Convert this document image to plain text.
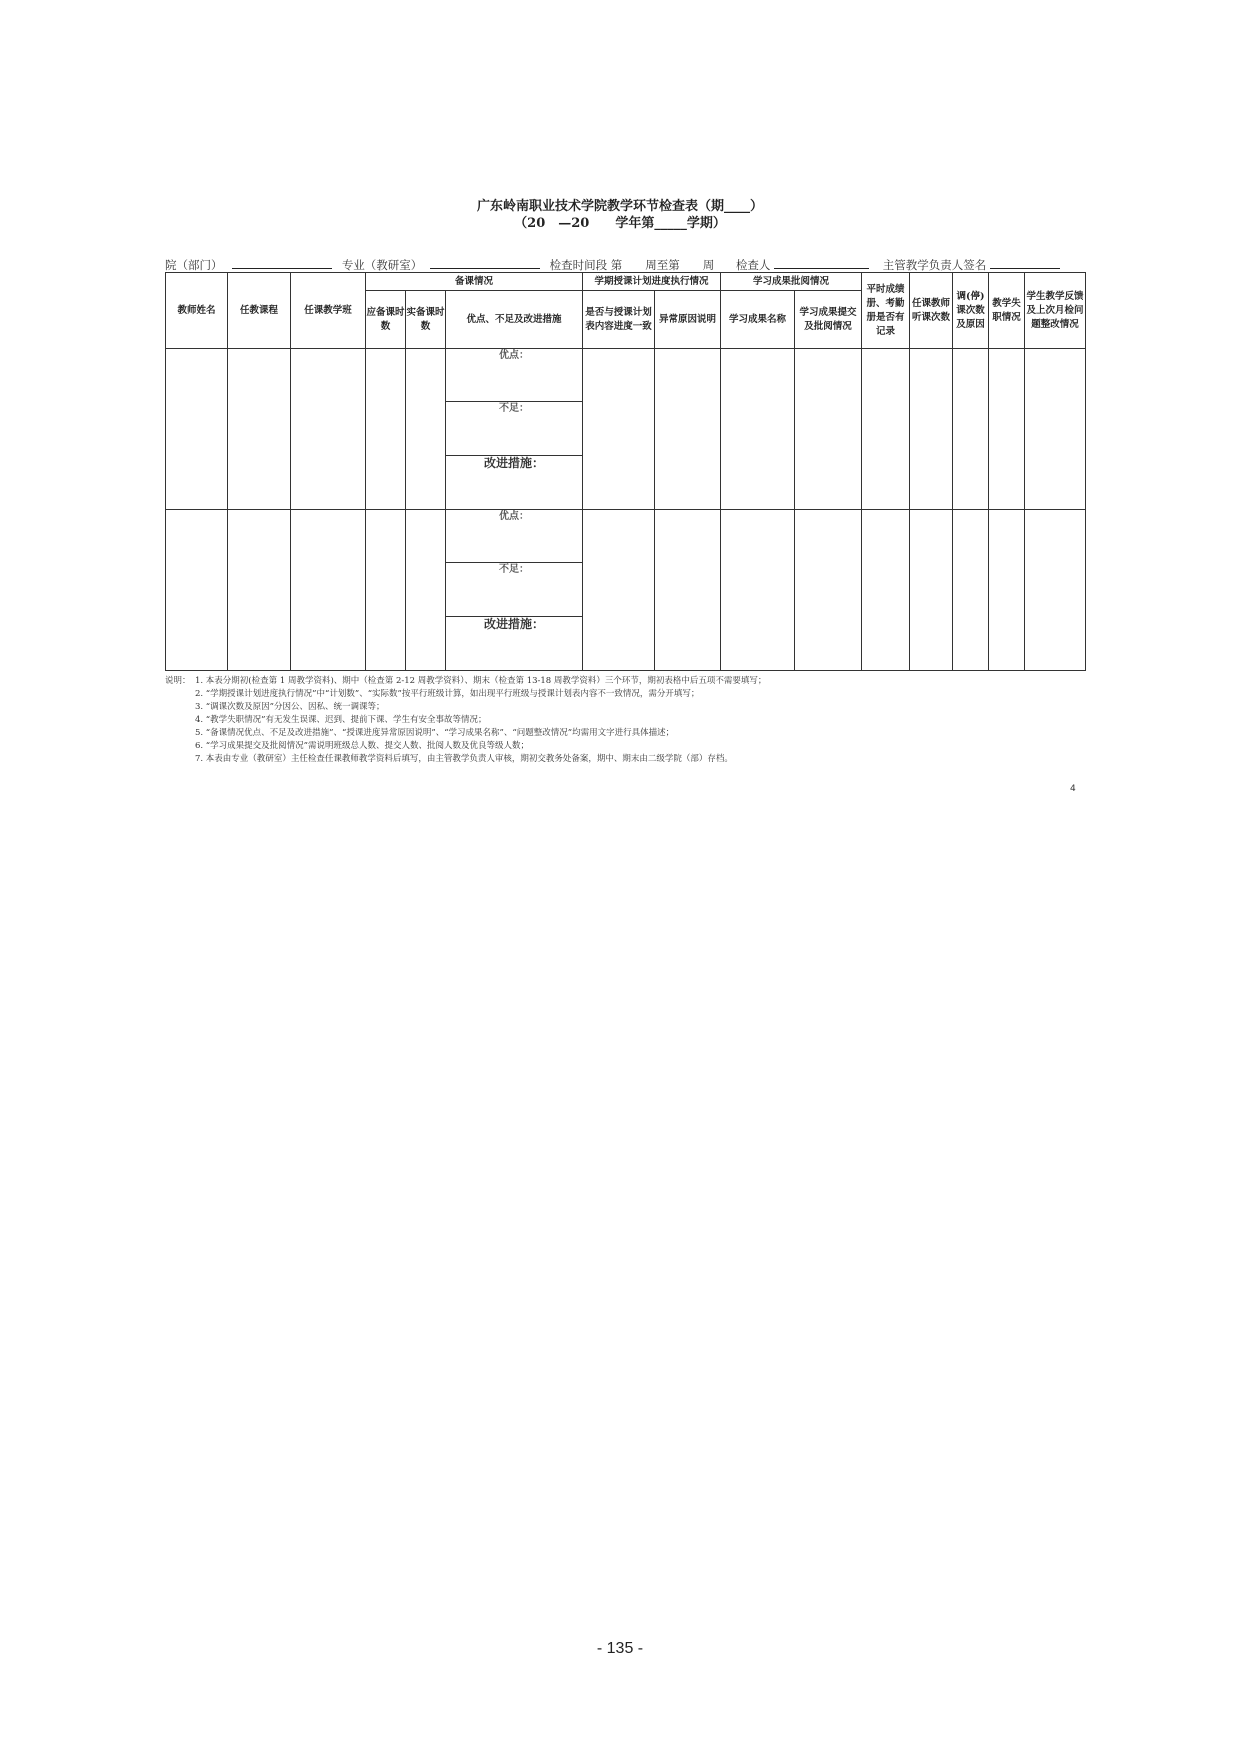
广东岭南职业技术学院教学环节检查表（期____）
（20　—20　　学年第_____学期）
院（部门）	专业（教研室）	检查时间段 第　　周至第　　周 检查人	主管教学负责人签名
教师姓名	任教课程	任课教学班	备课情况			学期授课计划进度执行情况		学习成果批阅情况		平时成绩册、考勤册是否有记录	任课教师听课次数	调(停)课次数及原因	教学失职情况	学生教学反馈及上次月检问题整改情况
			应备课时数	实备课时数	优点、不足及改进措施	是否与授课计划表内容进度一致	异常原因说明	学习成果名称	学习成果提交及批阅情况					
					优点：									
					不足：									
					改进措施：									
					优点：									
					不足：									
					改进措施：									
说明： 1. 本表分期初(检查第 1 周教学资料)、期中（检查第 2-12 周教学资料）、期末（检查第 13-18 周教学资料）三个环节，期初表格中后五项不需要填写；
2. “学期授课计划进度执行情况”中“计划数”、“实际数”按平行班级计算，如出现平行班级与授课计划表内容不一致情况，需分开填写；
3. “调课次数及原因”分因公、因私、统一调课等；
4. “教学失职情况”有无发生误课、迟到、提前下课、学生有安全事故等情况；
5. “备课情况优点、不足及改进措施”、“授课进度异常原因说明”、“学习成果名称”、“问题整改情况”均需用文字进行具体描述；
6. “学习成果提交及批阅情况”需说明班级总人数、提交人数、批阅人数及优良等级人数；
7. 本表由专业（教研室）主任检查任课教师教学资料后填写，由主管教学负责人审核，期初交教务处备案，期中、期末由二级学院（部）存档。
4
- 135 -
